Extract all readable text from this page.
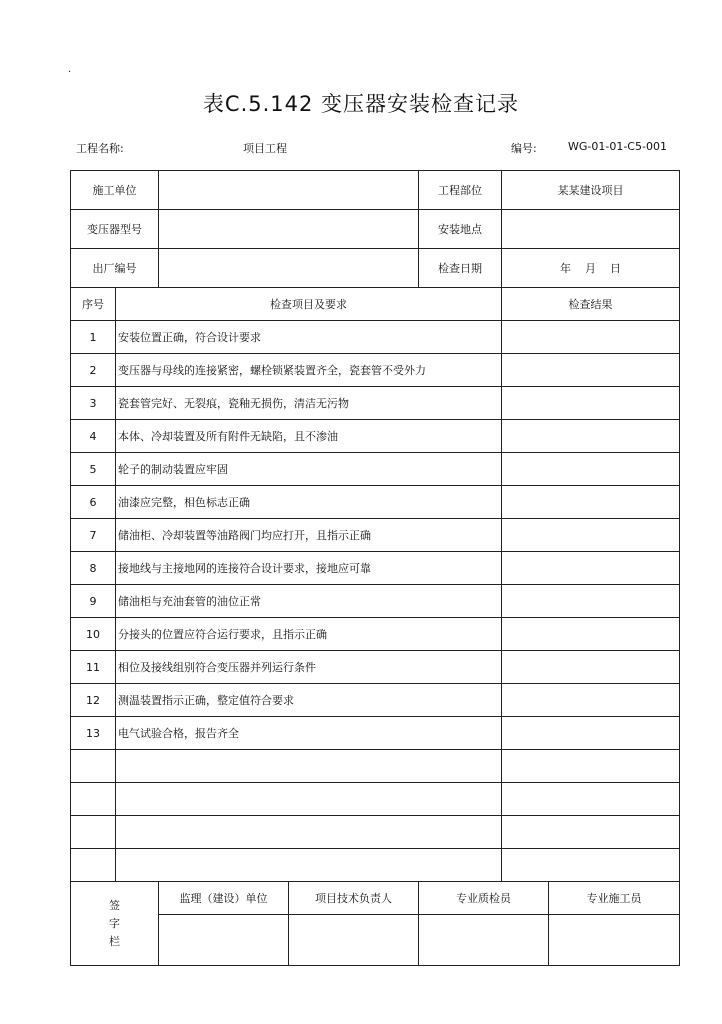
.
表C.5.142 变压器安装检查记录
工程名称:	项目工程	编号:	WG-01-01-C5-001
施工单位				工程部位	某某建设项目	
变压器型号				安装地点		
出厂编号				检查日期	年    月    日	
序号	检查项目及要求				检查结果	
1	安装位置正确，符合设计要求					
2	变压器与母线的连接紧密，螺栓锁紧装置齐全，瓷套管不受外力					
3	瓷套管完好、无裂痕，瓷釉无损伤，清洁无污物					
4	本体、冷却装置及所有附件无缺陷，且不渗油					
5	轮子的制动装置应牢固					
6	油漆应完整，相色标志正确					
7	储油柜、冷却装置等油路阀门均应打开，且指示正确					
8	接地线与主接地网的连接符合设计要求，接地应可靠					
9	储油柜与充油套管的油位正常					
10	分接头的位置应符合运行要求，且指示正确					
11	相位及接线组别符合变压器并列运行条件					
12	测温装置指示正确，整定值符合要求					
13	电气试验合格，报告齐全					

签
字
栏		监理（建设）单位	项目技术负责人	专业质检员		专业施工员
